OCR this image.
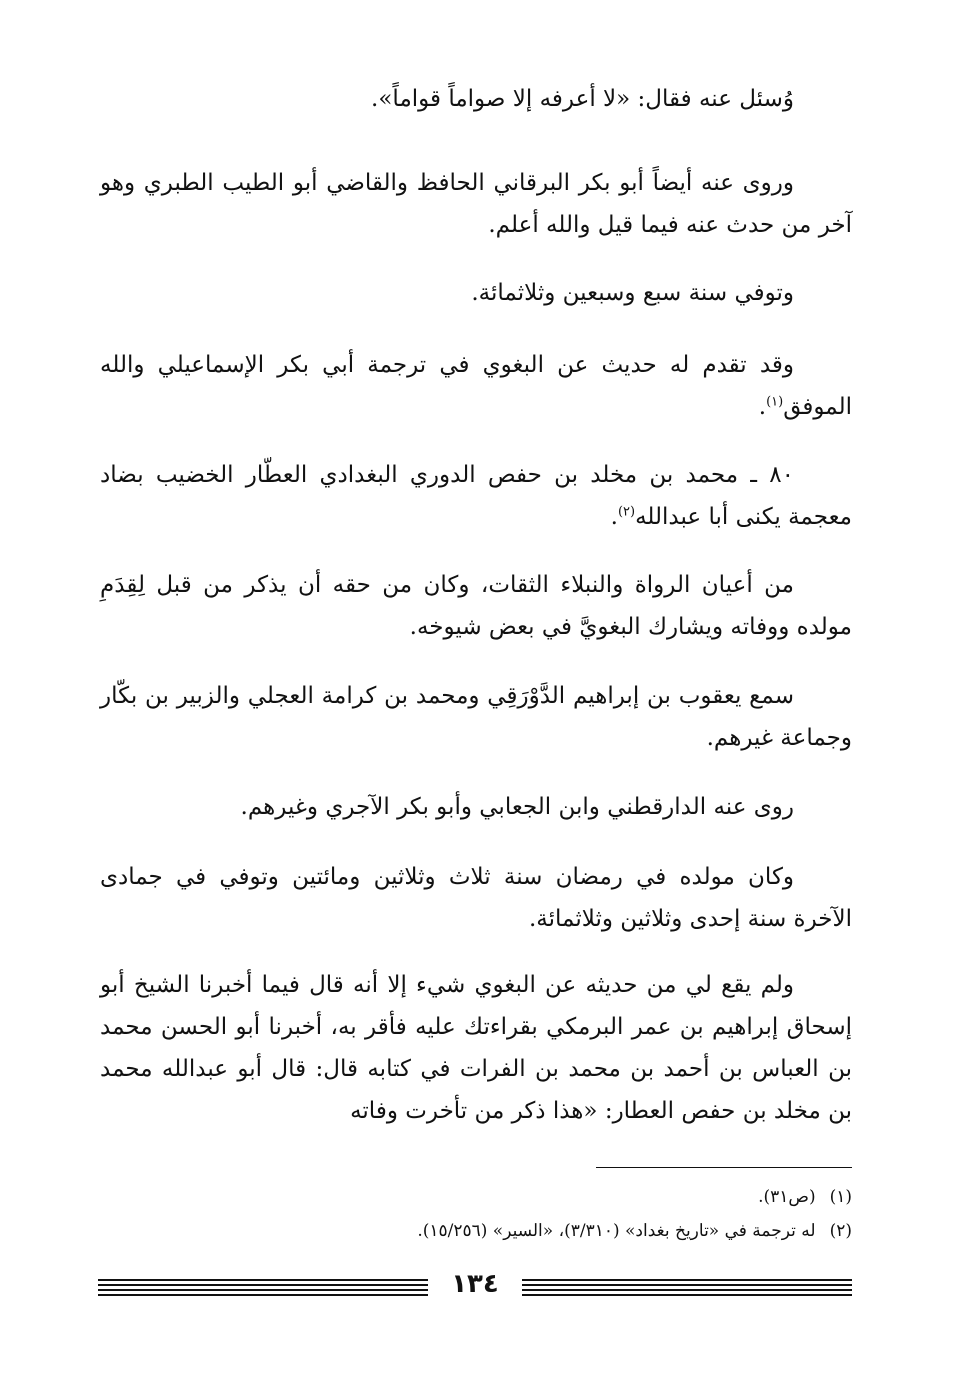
وُسئل عنه فقال: «لا أعرفه إلا صواماً قواماً».

وروى عنه أيضاً أبو بكر البرقاني الحافظ والقاضي أبو الطيب الطبري وهو آخر من حدث عنه فيما قيل والله أعلم.

وتوفي سنة سبع وسبعين وثلاثمائة.

وقد تقدم له حديث عن البغوي في ترجمة أبي بكر الإسماعيلي والله الموفق$^{(١)}$.

٨٠ ـ محمد بن مخلد بن حفص الدوري البغدادي العطّار الخضيب بضاد معجمة يكنى أبا عبدالله$^{(٢)}$.

من أعيان الرواة والنبلاء الثقات، وكان من حقه أن يذكر من قبل لِقِدَمِ مولده ووفاته ويشارك البغويَّ في بعض شيوخه.

سمع يعقوب بن إبراهيم الدَّوْرَقِي ومحمد بن كرامة العجلي والزبير بن بكّار وجماعة غيرهم.

روى عنه الدارقطني وابن الجعابي وأبو بكر الآجري وغيرهم.

وكان مولده في رمضان سنة ثلاث وثلاثين ومائتين وتوفي في جمادى الآخرة سنة إحدى وثلاثين وثلاثمائة.

ولم يقع لي من حديثه عن البغوي شيء إلا أنه قال فيما أخبرنا الشيخ أبو إسحاق إبراهيم بن عمر البرمكي بقراءتك عليه فأقر به، أخبرنا أبو الحسن محمد بن العباس بن أحمد بن محمد بن الفرات في كتابه قال: قال أبو عبدالله محمد بن مخلد بن حفص العطار: «هذا ذكر من تأخرت وفاته

(١)(ص٣١).
(٢)له ترجمة في «تاريخ بغداد» (٣/٣١٠)، «السير» (١٥/٢٥٦).
١٣٤
